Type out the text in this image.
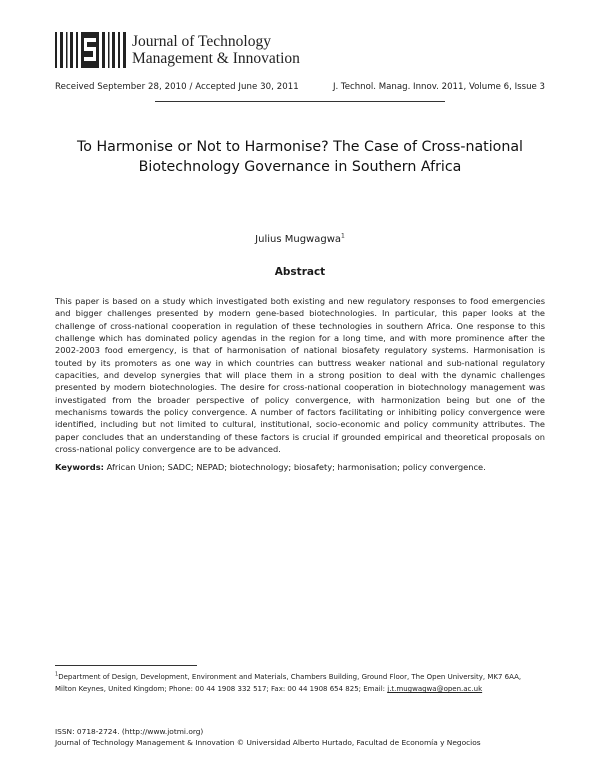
Journal of Technology
Management & Innovation
Received September 28, 2010 / Accepted June 30, 2011	J. Technol. Manag. Innov. 2011, Volume 6, Issue 3
To Harmonise or Not to Harmonise? The Case of Cross-national
Biotechnology Governance in Southern Africa
Julius Mugwagwa$^1$
Abstract
This paper is based on a study which investigated both existing and new regulatory responses to food emergencies and bigger challenges presented by modern gene-based biotechnologies. In particular, this paper looks at the challenge of cross-national cooperation in regulation of these technologies in southern Africa. One response to this challenge which has dominated policy agendas in the region for a long time, and with more prominence after the 2002-2003 food emergency, is that of harmonisation of national biosafety regulatory systems. Harmonisation is touted by its promoters as one way in which countries can buttress weaker national and sub-national regulatory capacities, and develop synergies that will place them in a strong position to deal with the dynamic challenges presented by modern biotechnologies. The desire for cross-national cooperation in biotechnology management was investigated from the broader perspective of policy convergence, with harmonization being but one of the mechanisms towards the policy convergence. A number of factors facilitating or inhibiting policy convergence were identified, including but not limited to cultural, institutional, socio-economic and policy community attributes. The paper concludes that an understanding of these factors is crucial if grounded empirical and theoretical proposals on cross-national policy convergence are to be advanced.
Keywords: African Union; SADC; NEPAD; biotechnology; biosafety; harmonisation; policy convergence.
$^1$Department of Design, Development, Environment and Materials, Chambers Building, Ground Floor, The Open University, MK7 6AA,
Milton Keynes, United Kingdom; Phone: 00 44 1908 332 517; Fax: 00 44 1908 654 825; Email: j.t.mugwagwa@open.ac.uk
ISSN: 0718-2724. (http://www.jotmi.org)
Journal of Technology Management & Innovation © Universidad Alberto Hurtado, Facultad de Economía y Negocios
